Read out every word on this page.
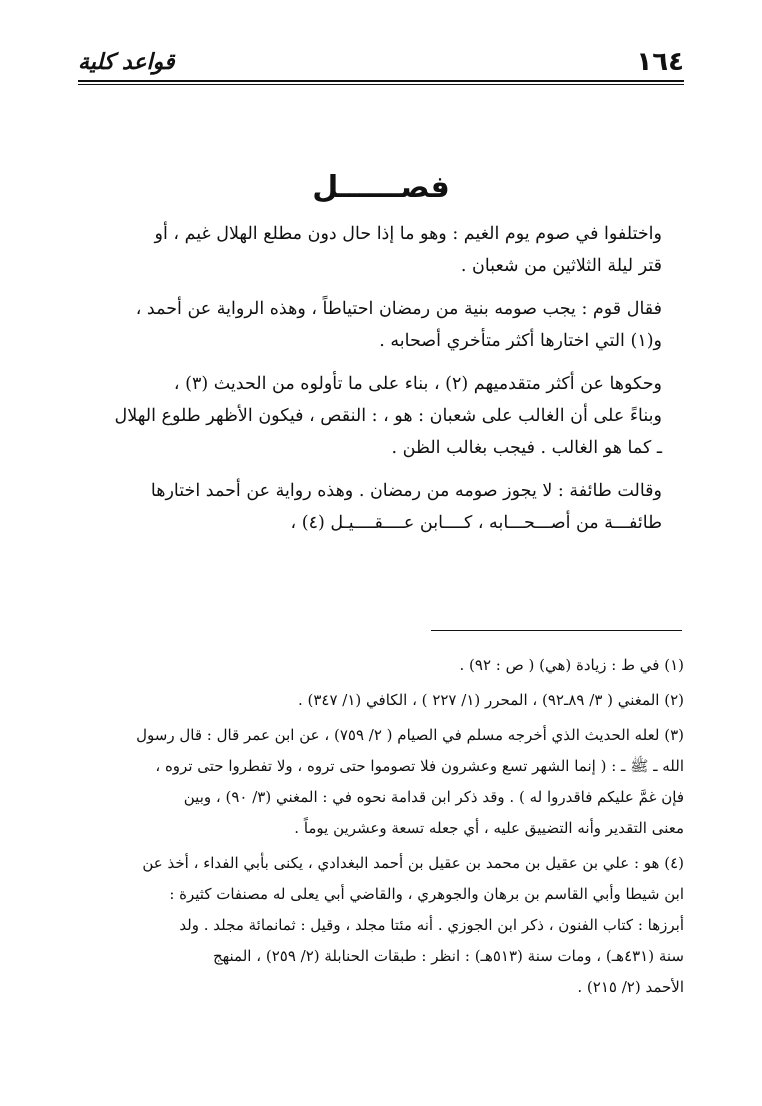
١٦٤
قواعد كلية
فصــــــل

واختلفوا في صوم يوم الغيم : وهو ما إذا حال دون مطلع الهلال غيم ، أو
قتر ليلة الثلاثين من شعبان .

فقال قوم : يجب صومه بنية من رمضان احتياطاً ، وهذه الرواية عن أحمد ،
و(١) التي اختارها أكثر متأخري أصحابه .

وحكوها عن أكثر متقدميهم (٢) ، بناء على ما تأولوه من الحديث (٣) ،
وبناءً على أن الغالب على شعبان : هو ، : النقص ، فيكون الأظهر طلوع الهلال
ـ كما هو الغالب . فيجب بغالب الظن .

وقالت طائفة : لا يجوز صومه من رمضان . وهذه رواية عن أحمد اختارها
طائفـــة من أصـــحـــابه ، كــــابن عــــقــــيـل (٤) ،

(١) في ط : زيادة (هي) ( ص : ٩٢) .

(٢) المغني ( ٣/ ٨٩ـ٩٢) ، المحرر (١/ ٢٢٧ ) ، الكافي (١/ ٣٤٧) .

(٣) لعله الحديث الذي أخرجه مسلم في الصيام ( ٢/ ٧٥٩) ، عن ابن عمر قال : قال رسول
الله ـ ﷺ ـ : ( إنما الشهر تسع وعشرون فلا تصوموا حتى تروه ، ولا تفطروا حتى تروه ،
فإن غمَّ عليكم فاقدروا له ) . وقد ذكر ابن قدامة نحوه في : المغني (٣/ ٩٠) ، وبين
معنى التقدير وأنه التضييق عليه ، أي جعله تسعة وعشرين يوماً .

(٤) هو : علي بن عقيل بن محمد بن عقيل بن أحمد البغدادي ، يكنى بأبي الفداء ، أخذ عن
ابن شيطا وأبي القاسم بن برهان والجوهري ، والقاضي أبي يعلى له مصنفات كثيرة :
أبرزها : كتاب الفنون ، ذكر ابن الجوزي . أنه مئتا مجلد ، وقيل : ثمانمائة مجلد . ولد
سنة (٤٣١هـ) ، ومات سنة (٥١٣هـ) : انظر : طبقات الحنابلة (٢/ ٢٥٩) ، المنهج
الأحمد (٢/ ٢١٥) .
